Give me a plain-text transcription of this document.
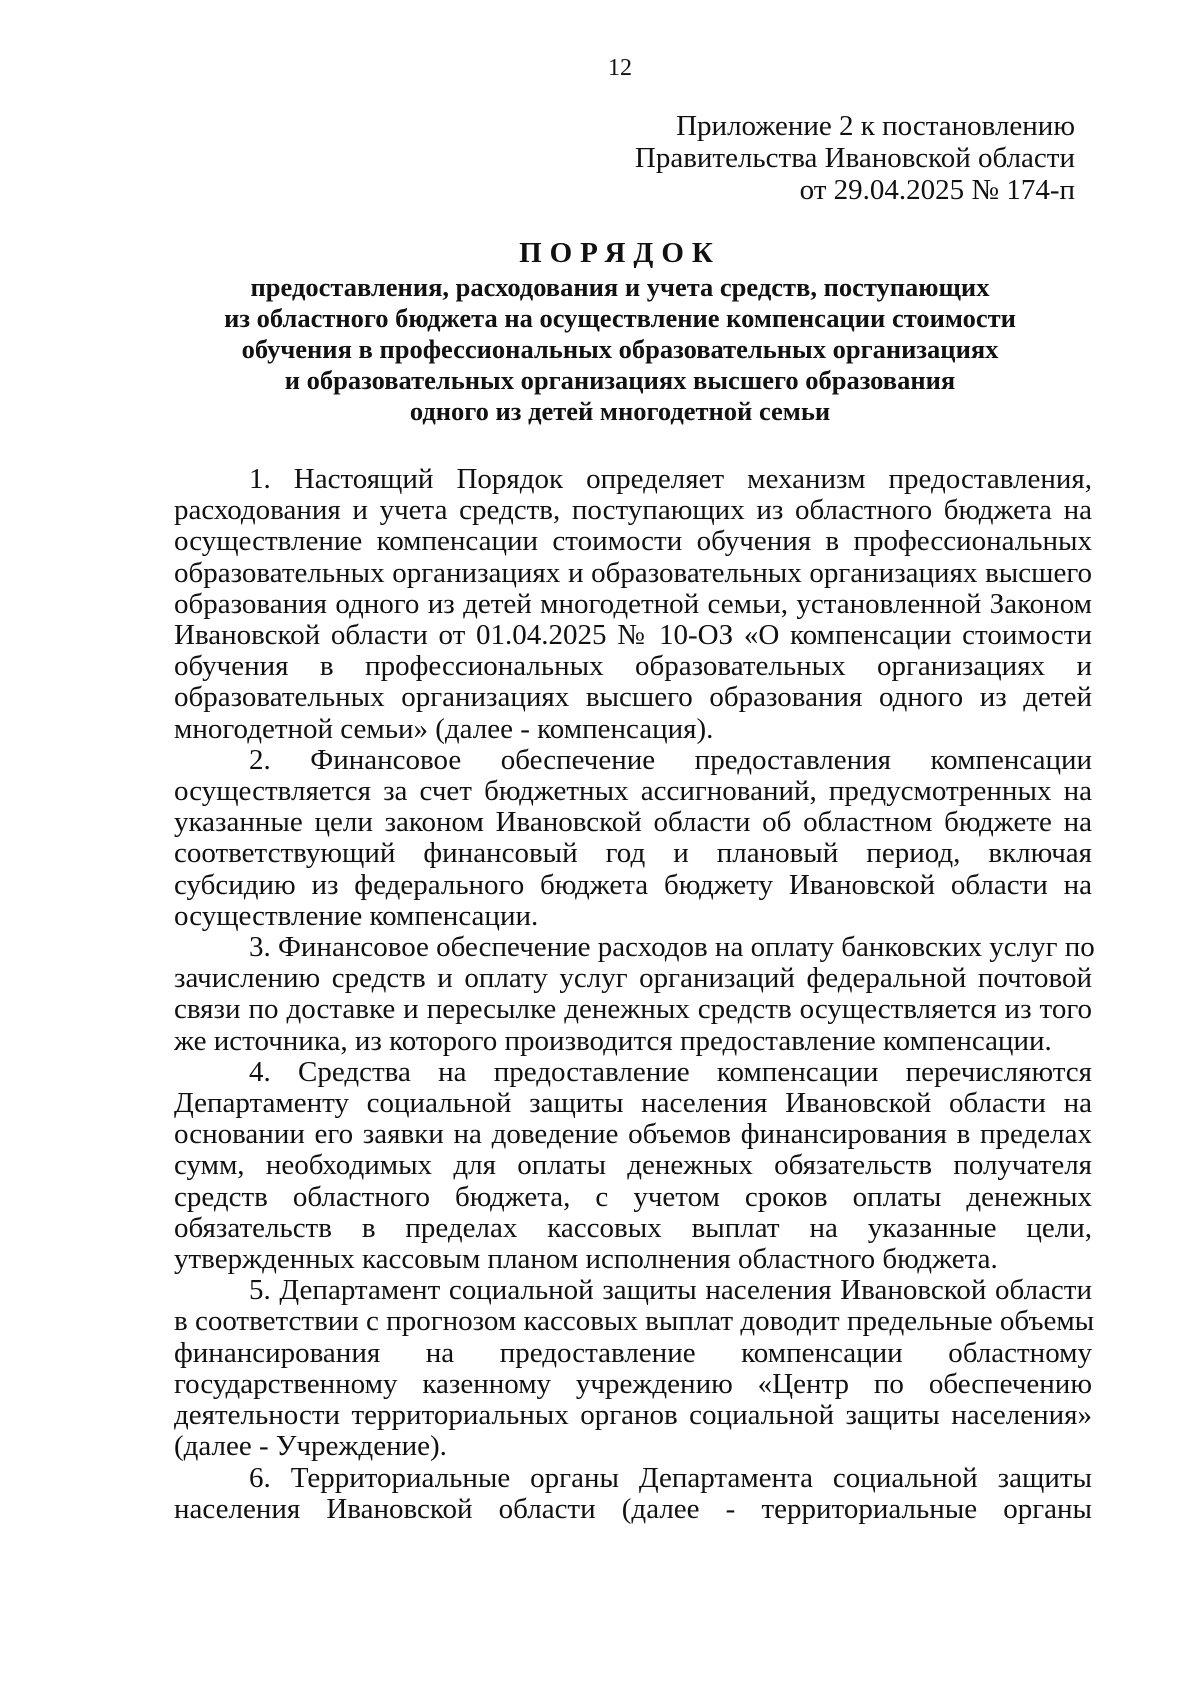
12
Приложение 2 к постановлению
Правительства Ивановской области
от 29.04.2025 № 174-п
ПОРЯДОК
предоставления, расходования и учета средств, поступающих
из областного бюджета на осуществление компенсации стоимости
обучения в профессиональных образовательных организациях
и образовательных организациях высшего образования
одного из детей многодетной семьи
1. Настоящий Порядок определяет механизм предоставления,
расходования и учета средств, поступающих из областного бюджета на
осуществление компенсации стоимости обучения в профессиональных
образовательных организациях и образовательных организациях высшего
образования одного из детей многодетной семьи, установленной Законом
Ивановской области от 01.04.2025 № 10-ОЗ «О компенсации стоимости
обучения в профессиональных образовательных организациях и
образовательных организациях высшего образования одного из детей
многодетной семьи» (далее - компенсация).
2. Финансовое обеспечение предоставления компенсации
осуществляется за счет бюджетных ассигнований, предусмотренных на
указанные цели законом Ивановской области об областном бюджете на
соответствующий финансовый год и плановый период, включая
субсидию из федерального бюджета бюджету Ивановской области на
осуществление компенсации.
3. Финансовое обеспечение расходов на оплату банковских услуг по
зачислению средств и оплату услуг организаций федеральной почтовой
связи по доставке и пересылке денежных средств осуществляется из того
же источника, из которого производится предоставление компенсации.
4. Средства на предоставление компенсации перечисляются
Департаменту социальной защиты населения Ивановской области на
основании его заявки на доведение объемов финансирования в пределах
сумм, необходимых для оплаты денежных обязательств получателя
средств областного бюджета, с учетом сроков оплаты денежных
обязательств в пределах кассовых выплат на указанные цели,
утвержденных кассовым планом исполнения областного бюджета.
5. Департамент социальной защиты населения Ивановской области
в соответствии с прогнозом кассовых выплат доводит предельные объемы
финансирования на предоставление компенсации областному
государственному казенному учреждению «Центр по обеспечению
деятельности территориальных органов социальной защиты населения»
(далее - Учреждение).
6. Территориальные органы Департамента социальной защиты
населения Ивановской области (далее - территориальные органы
